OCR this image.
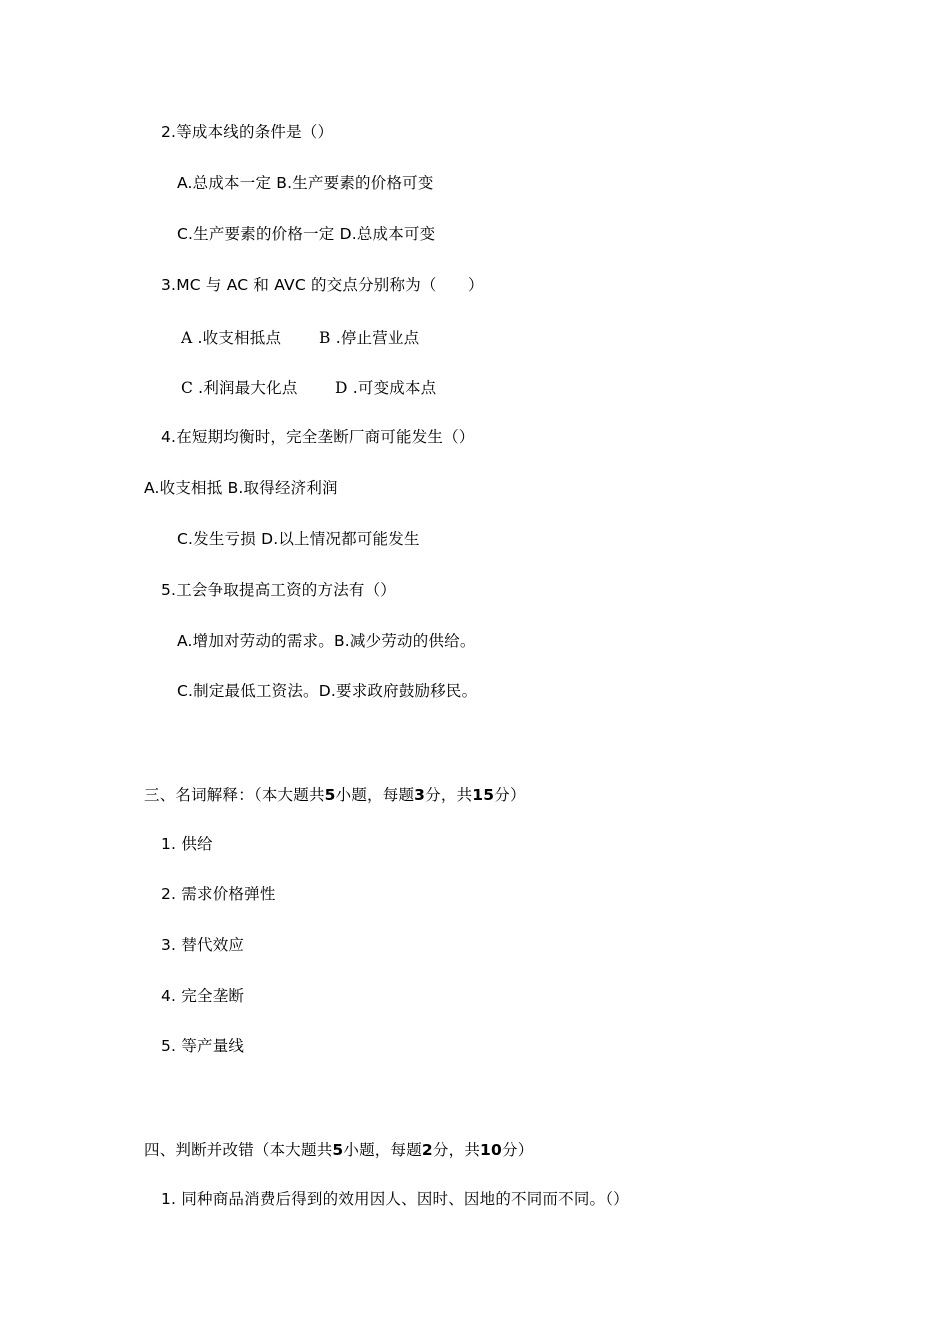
2.等成本线的条件是（）
A.总成本一定 B.生产要素的价格可变
C.生产要素的价格一定 D.总成本可变
3.MC 与 AC 和 AVC 的交点分别称为（　　）
A .收支相抵点 B .停止营业点
C .利润最大化点 D .可变成本点
4.在短期均衡时，完全垄断厂商可能发生（）
A.收支相抵 B.取得经济利润
C.发生亏损 D.以上情况都可能发生
5.工会争取提高工资的方法有（）
A.增加对劳动的需求。B.减少劳动的供给。
C.制定最低工资法。D.要求政府鼓励移民。
三、名词解释：（本大题共5小题，每题3分，共15分）
1. 供给
2. 需求价格弹性
3. 替代效应
4. 完全垄断
5. 等产量线
四、判断并改错（本大题共5小题，每题2分，共10分）
1. 同种商品消费后得到的效用因人、因时、因地的不同而不同。（）
